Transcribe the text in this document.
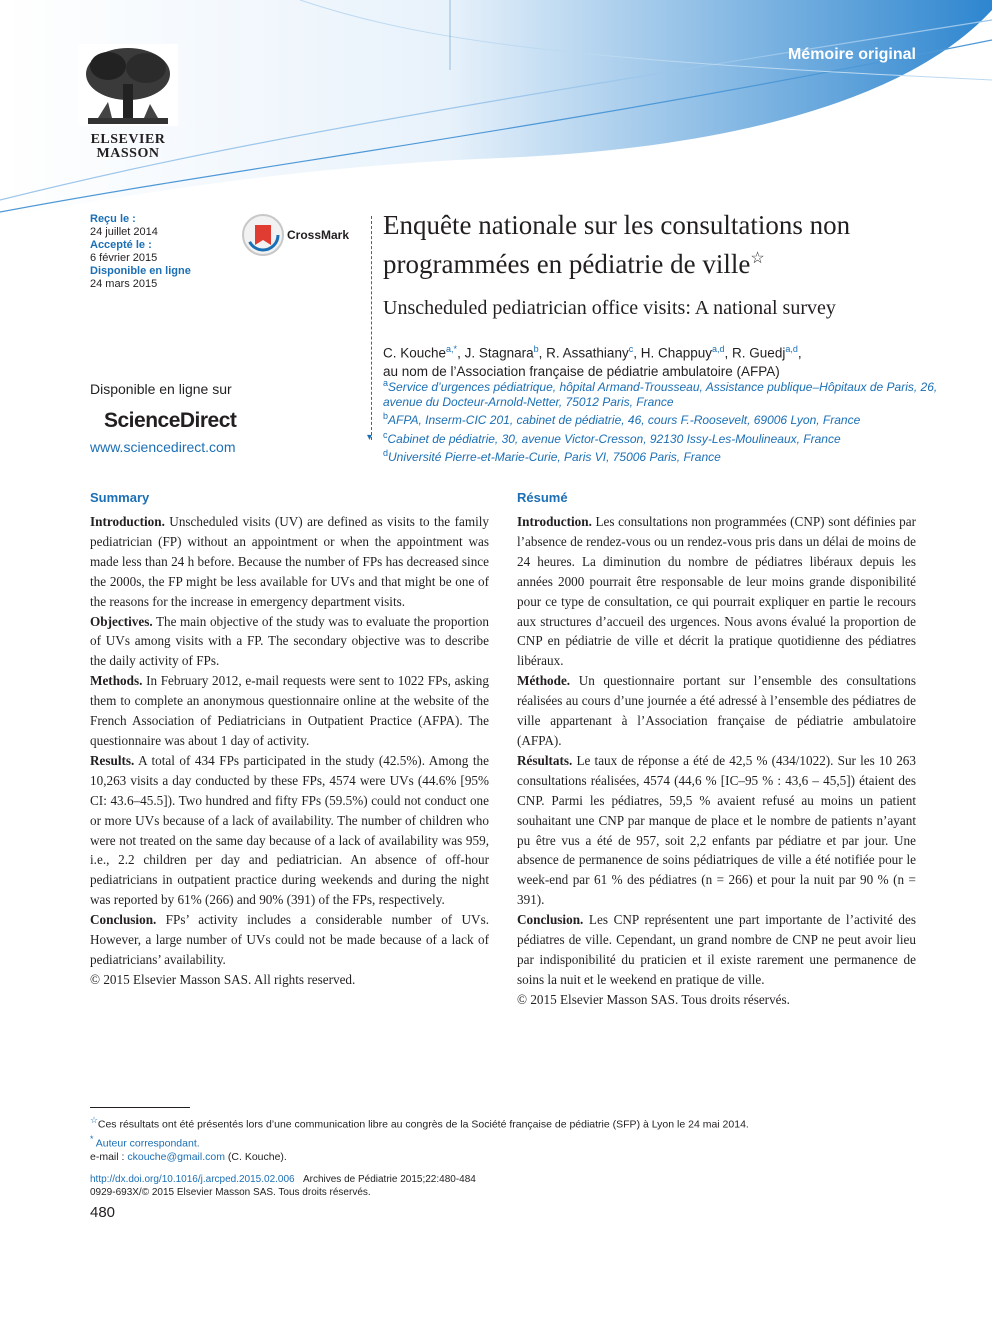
ELSEVIER
MASSON
Mémoire original
Reçu le :
24 juillet 2014
Accepté le :
6 février 2015
Disponible en ligne
24 mars 2015
CrossMark
▾
Enquête nationale sur les consultations non programmées en pédiatrie de ville☆
Unscheduled pediatrician office visits: A national survey
C. Kouche$^{a,*}$, J. Stagnara$^b$, R. Assathiany$^c$, H. Chappuy$^{a,d}$, R. Guedj$^{a,d}$,
au nom de l’Association française de pédiatrie ambulatoire (AFPA)
$^a$Service d’urgences pédiatrique, hôpital Armand-Trousseau, Assistance publique–Hôpitaux de Paris, 26, avenue du Docteur-Arnold-Netter, 75012 Paris, France
$^b$AFPA, Inserm-CIC 201, cabinet de pédiatrie, 46, cours F.-Roosevelt, 69006 Lyon, France
$^c$Cabinet de pédiatrie, 30, avenue Victor-Cresson, 92130 Issy-Les-Moulineaux, France
$^d$Université Pierre-et-Marie-Curie, Paris VI, 75006 Paris, France
Disponible en ligne sur
ScienceDirect
www.sciencedirect.com
Summary

Introduction. Unscheduled visits (UV) are defined as visits to the family pediatrician (FP) without an appointment or when the appointment was made less than 24 h before. Because the number of FPs has decreased since the 2000s, the FP might be less available for UVs and that might be one of the reasons for the increase in emergency department visits.

Objectives. The main objective of the study was to evaluate the proportion of UVs among visits with a FP. The secondary objective was to describe the daily activity of FPs.

Methods. In February 2012, e-mail requests were sent to 1022 FPs, asking them to complete an anonymous questionnaire online at the website of the French Association of Pediatricians in Outpatient Practice (AFPA). The questionnaire was about 1 day of activity.

Results. A total of 434 FPs participated in the study (42.5%). Among the 10,263 visits a day conducted by these FPs, 4574 were UVs (44.6% [95% CI: 43.6–45.5]). Two hundred and fifty FPs (59.5%) could not conduct one or more UVs because of a lack of availability. The number of children who were not treated on the same day because of a lack of availability was 959, i.e., 2.2 children per day and pediatrician. An absence of off-hour pediatricians in outpatient practice during weekends and during the night was reported by 61% (266) and 90% (391) of the FPs, respectively.

Conclusion. FPs’ activity includes a considerable number of UVs. However, a large number of UVs could not be made because of a lack of pediatricians’ availability.

© 2015 Elsevier Masson SAS. All rights reserved.

Résumé

Introduction. Les consultations non programmées (CNP) sont définies par l’absence de rendez-vous ou un rendez-vous pris dans un délai de moins de 24 heures. La diminution du nombre de pédiatres libéraux depuis les années 2000 pourrait être responsable de leur moins grande disponibilité pour ce type de consultation, ce qui pourrait expliquer en partie le recours aux structures d’accueil des urgences. Nous avons évalué la proportion de CNP en pédiatrie de ville et décrit la pratique quotidienne des pédiatres libéraux.

Méthode. Un questionnaire portant sur l’ensemble des consultations réalisées au cours d’une journée a été adressé à l’ensemble des pédiatres de ville appartenant à l’Association française de pédiatrie ambulatoire (AFPA).

Résultats. Le taux de réponse a été de 42,5 % (434/1022). Sur les 10 263 consultations réalisées, 4574 (44,6 % [IC–95 % : 43,6 – 45,5]) étaient des CNP. Parmi les pédiatres, 59,5 % avaient refusé au moins un patient souhaitant une CNP par manque de place et le nombre de patients n’ayant pu être vus a été de 957, soit 2,2 enfants par pédiatre et par jour. Une absence de permanence de soins pédiatriques de ville a été notifiée pour le week-end par 61 % des pédiatres (n = 266) et pour la nuit par 90 % (n = 391).

Conclusion. Les CNP représentent une part importante de l’activité des pédiatres de ville. Cependant, un grand nombre de CNP ne peut avoir lieu par indisponibilité du praticien et il existe rarement une permanence de soins la nuit et le weekend en pratique de ville.

© 2015 Elsevier Masson SAS. Tous droits réservés.

☆Ces résultats ont été présentés lors d’une communication libre au congrès de la Société française de pédiatrie (SFP) à Lyon le 24 mai 2014.
* Auteur correspondant.
e-mail : ckouche@gmail.com (C. Kouche).
http://dx.doi.org/10.1016/j.arcped.2015.02.006 Archives de Pédiatrie 2015;22:480-484
0929-693X/© 2015 Elsevier Masson SAS. Tous droits réservés.
480
